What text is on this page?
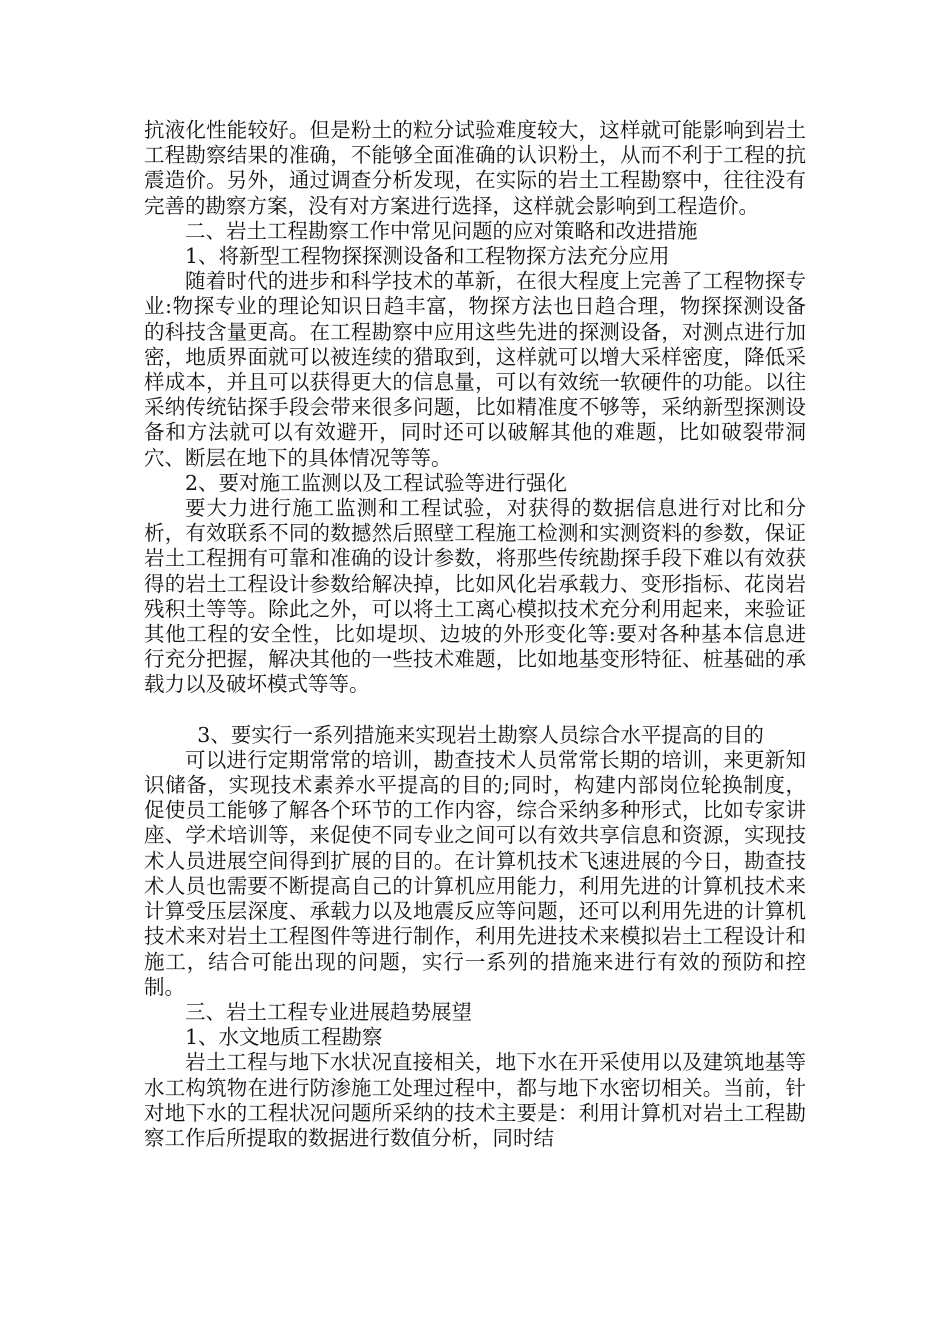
抗液化性能较好。但是粉土的粒分试验难度较大，这样就可能影响到岩土工程勘察结果的准确，不能够全面准确的认识粉土，从而不利于工程的抗震造价。另外，通过调查分析发现，在实际的岩土工程勘察中，往往没有完善的勘察方案，没有对方案进行选择，这样就会影响到工程造价。

二、岩土工程勘察工作中常见问题的应对策略和改进措施

1、将新型工程物探探测设备和工程物探方法充分应用

随着时代的进步和科学技术的革新，在很大程度上完善了工程物探专业:物探专业的理论知识日趋丰富，物探方法也日趋合理，物探探测设备的科技含量更高。在工程勘察中应用这些先进的探测设备，对测点进行加密，地质界面就可以被连续的猎取到，这样就可以增大采样密度，降低采样成本，并且可以获得更大的信息量，可以有效统一软硬件的功能。以往采纳传统钻探手段会带来很多问题，比如精准度不够等，采纳新型探测设备和方法就可以有效避开，同时还可以破解其他的难题，比如破裂带洞穴、断层在地下的具体情况等等。

2、要对施工监测以及工程试验等进行强化

要大力进行施工监测和工程试验，对获得的数据信息进行对比和分析，有效联系不同的数撼然后照壁工程施工检测和实测资料的参数，保证岩土工程拥有可靠和准确的设计参数，将那些传统勘探手段下难以有效获得的岩土工程设计参数给解决掉，比如风化岩承载力、变形指标、花岗岩残积土等等。除此之外，可以将土工离心模拟技术充分利用起来，来验证其他工程的安全性，比如堤坝、边坡的外形变化等:要对各种基本信息进行充分把握，解决其他的一些技术难题，比如地基变形特征、桩基础的承载力以及破坏模式等等。

3、要实行一系列措施来实现岩土勘察人员综合水平提高的目的

可以进行定期常常的培训，勘查技术人员常常长期的培训，来更新知识储备，实现技术素养水平提高的目的;同时，构建内部岗位轮换制度，促使员工能够了解各个环节的工作内容，综合采纳多种形式，比如专家讲座、学术培训等，来促使不同专业之间可以有效共享信息和资源，实现技术人员进展空间得到扩展的目的。在计算机技术飞速进展的今日，勘查技术人员也需要不断提高自己的计算机应用能力，利用先进的计算机技术来计算受压层深度、承载力以及地震反应等问题，还可以利用先进的计算机技术来对岩土工程图件等进行制作，利用先进技术来模拟岩土工程设计和施工，结合可能出现的问题，实行一系列的措施来进行有效的预防和控制。

三、岩土工程专业进展趋势展望

1、水文地质工程勘察

岩土工程与地下水状况直接相关，地下水在开采使用以及建筑地基等水工构筑物在进行防渗施工处理过程中，都与地下水密切相关。当前，针对地下水的工程状况问题所采纳的技术主要是：利用计算机对岩土工程勘察工作后所提取的数据进行数值分析，同时结
